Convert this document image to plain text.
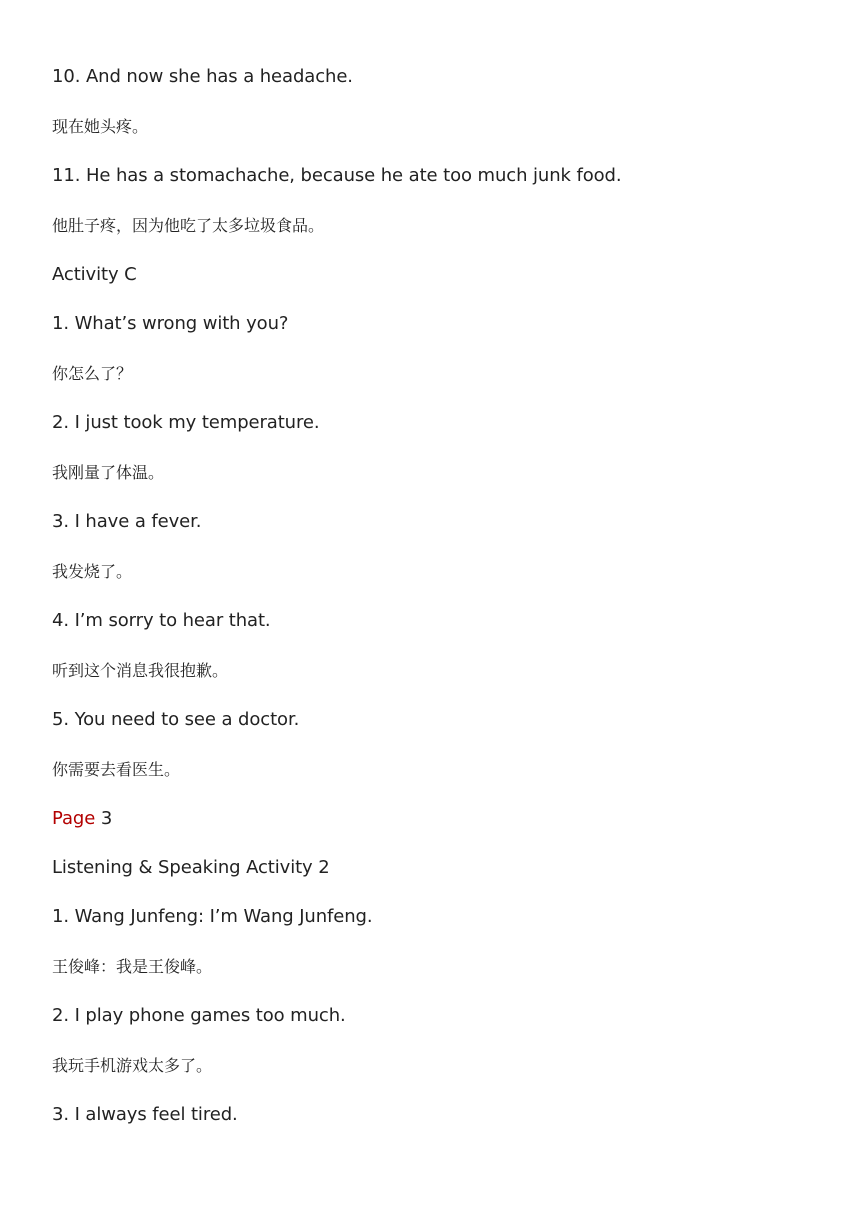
10. And now she has a headache.
现在她头疼。
11. He has a stomachache, because he ate too much junk food.
他肚子疼，因为他吃了太多垃圾食品。
Activity C
1. What’s wrong with you?
你怎么了？
2. I just took my temperature.
我刚量了体温。
3. I have a fever.
我发烧了。
4. I’m sorry to hear that.
听到这个消息我很抱歉。
5. You need to see a doctor.
你需要去看医生。
Page 3
Listening & Speaking Activity 2
1. Wang Junfeng: I’m Wang Junfeng.
王俊峰：我是王俊峰。
2. I play phone games too much.
我玩手机游戏太多了。
3. I always feel tired.
